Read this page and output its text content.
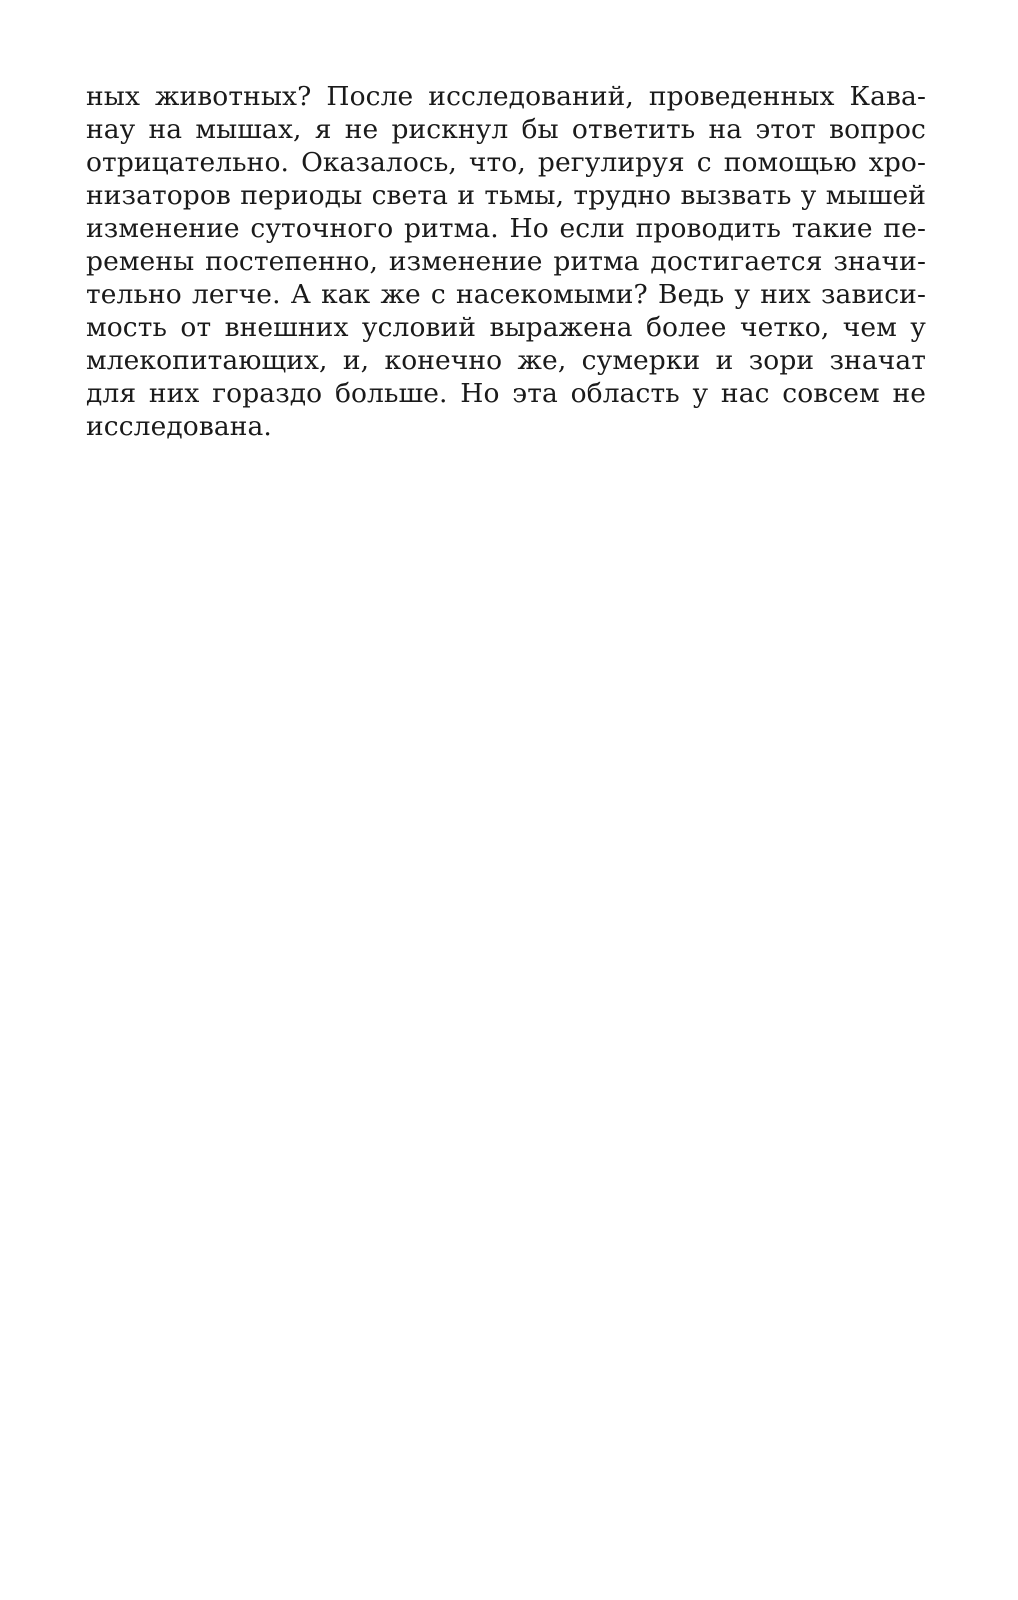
ных животных? После исследований, проведенных Кава-
нау на мышах, я не рискнул бы ответить на этот вопрос
отрицательно. Оказалось, что, регулируя с помощью хро-
низаторов периоды света и тьмы, трудно вызвать у мышей
изменение суточного ритма. Но если проводить такие пе-
ремены постепенно, изменение ритма достигается значи-
тельно легче. А как же с насекомыми? Ведь у них зависи-
мость от внешних условий выражена более четко, чем у
млекопитающих, и, конечно же, сумерки и зори значат
для них гораздо больше. Но эта область у нас совсем не
исследована.
